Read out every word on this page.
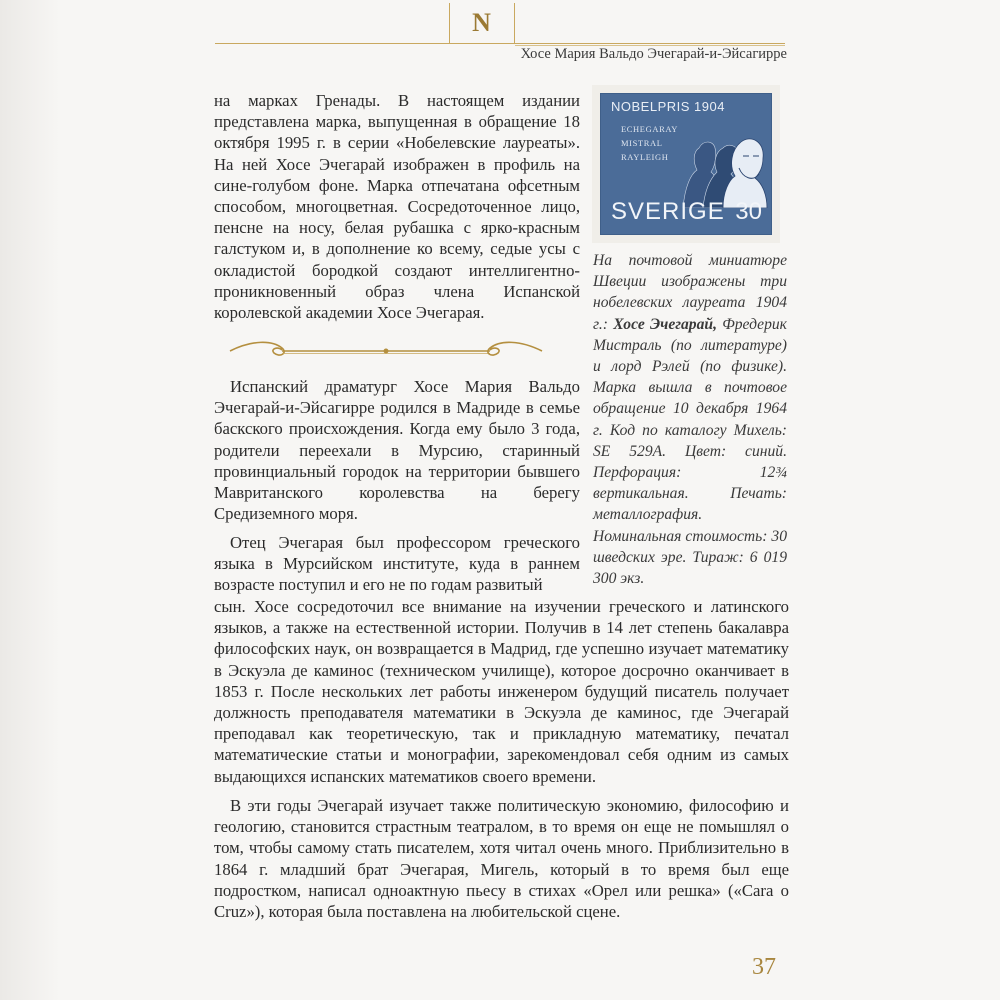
N
Хосе Мария Вальдо Эчегарай-и-Эйсагирре
на марках Гренады. В настоящем издании представлена марка, выпущенная в обращение 18 октября 1995 г. в серии «Нобелевские лауреаты». На ней Хосе Эчегарай изображен в профиль на сине-голубом фоне. Марка отпечатана офсетным способом, многоцветная. Сосредоточенное лицо, пенсне на носу, белая рубашка с ярко-красным галстуком и, в дополнение ко всему, седые усы с окладистой бородкой создают интеллигентно-проникновенный образ члена Испанской королевской академии Хосе Эчегарая.
Испанский драматург Хосе Мария Вальдо Эчегарай-и-Эйсагирре родился в Мадриде в семье баскского происхождения. Когда ему было 3 года, родители переехали в Мурсию, старинный провинциальный городок на территории бывшего Мавританского королевства на берегу Средиземного моря.
Отец Эчегарая был профессором греческого языка в Мурсийском институте, куда в раннем возрасте поступил и его не по годам развитый
сын. Хосе сосредоточил все внимание на изучении греческого и латинского языков, а также на естественной истории. Получив в 14 лет степень бакалавра философских наук, он возвращается в Мадрид, где успешно изучает математику в Эскуэла де каминос (техническом училище), которое досрочно оканчивает в 1853 г. После нескольких лет работы инженером будущий писатель получает должность преподавателя математики в Эскуэла де каминос, где Эчегарай преподавал как теоретическую, так и прикладную математику, печатал математические статьи и монографии, зарекомендовал себя одним из самых выдающихся испанских математиков своего времени.
В эти годы Эчегарай изучает также политическую экономию, философию и геологию, становится страстным театралом, в то время он еще не помышлял о том, чтобы самому стать писателем, хотя читал очень много. Приблизительно в 1864 г. младший брат Эчегарая, Мигель, который в то время был еще подростком, написал одноактную пьесу в стихах «Орел или решка» («Cara o Cruz»), которая была поставлена на любительской сцене.
NOBELPRIS 1904
ECHEGARAY
MISTRAL
RAYLEIGH
SVERIGE 30
На почтовой миниатюре Швеции изображены три нобелевских лауреата 1904 г.: Хосе Эчегарай, Фредерик Мистраль (по литературе) и лорд Рэлей (по физике). Марка вышла в почтовое обращение 10 декабря 1964 г. Код по каталогу Михель: SE 529A. Цвет: синий. Перфорация: 12¾ вертикальная. Печать: металлография. Номинальная стоимость: 30 шведских эре. Тираж: 6 019 300 экз.
37
